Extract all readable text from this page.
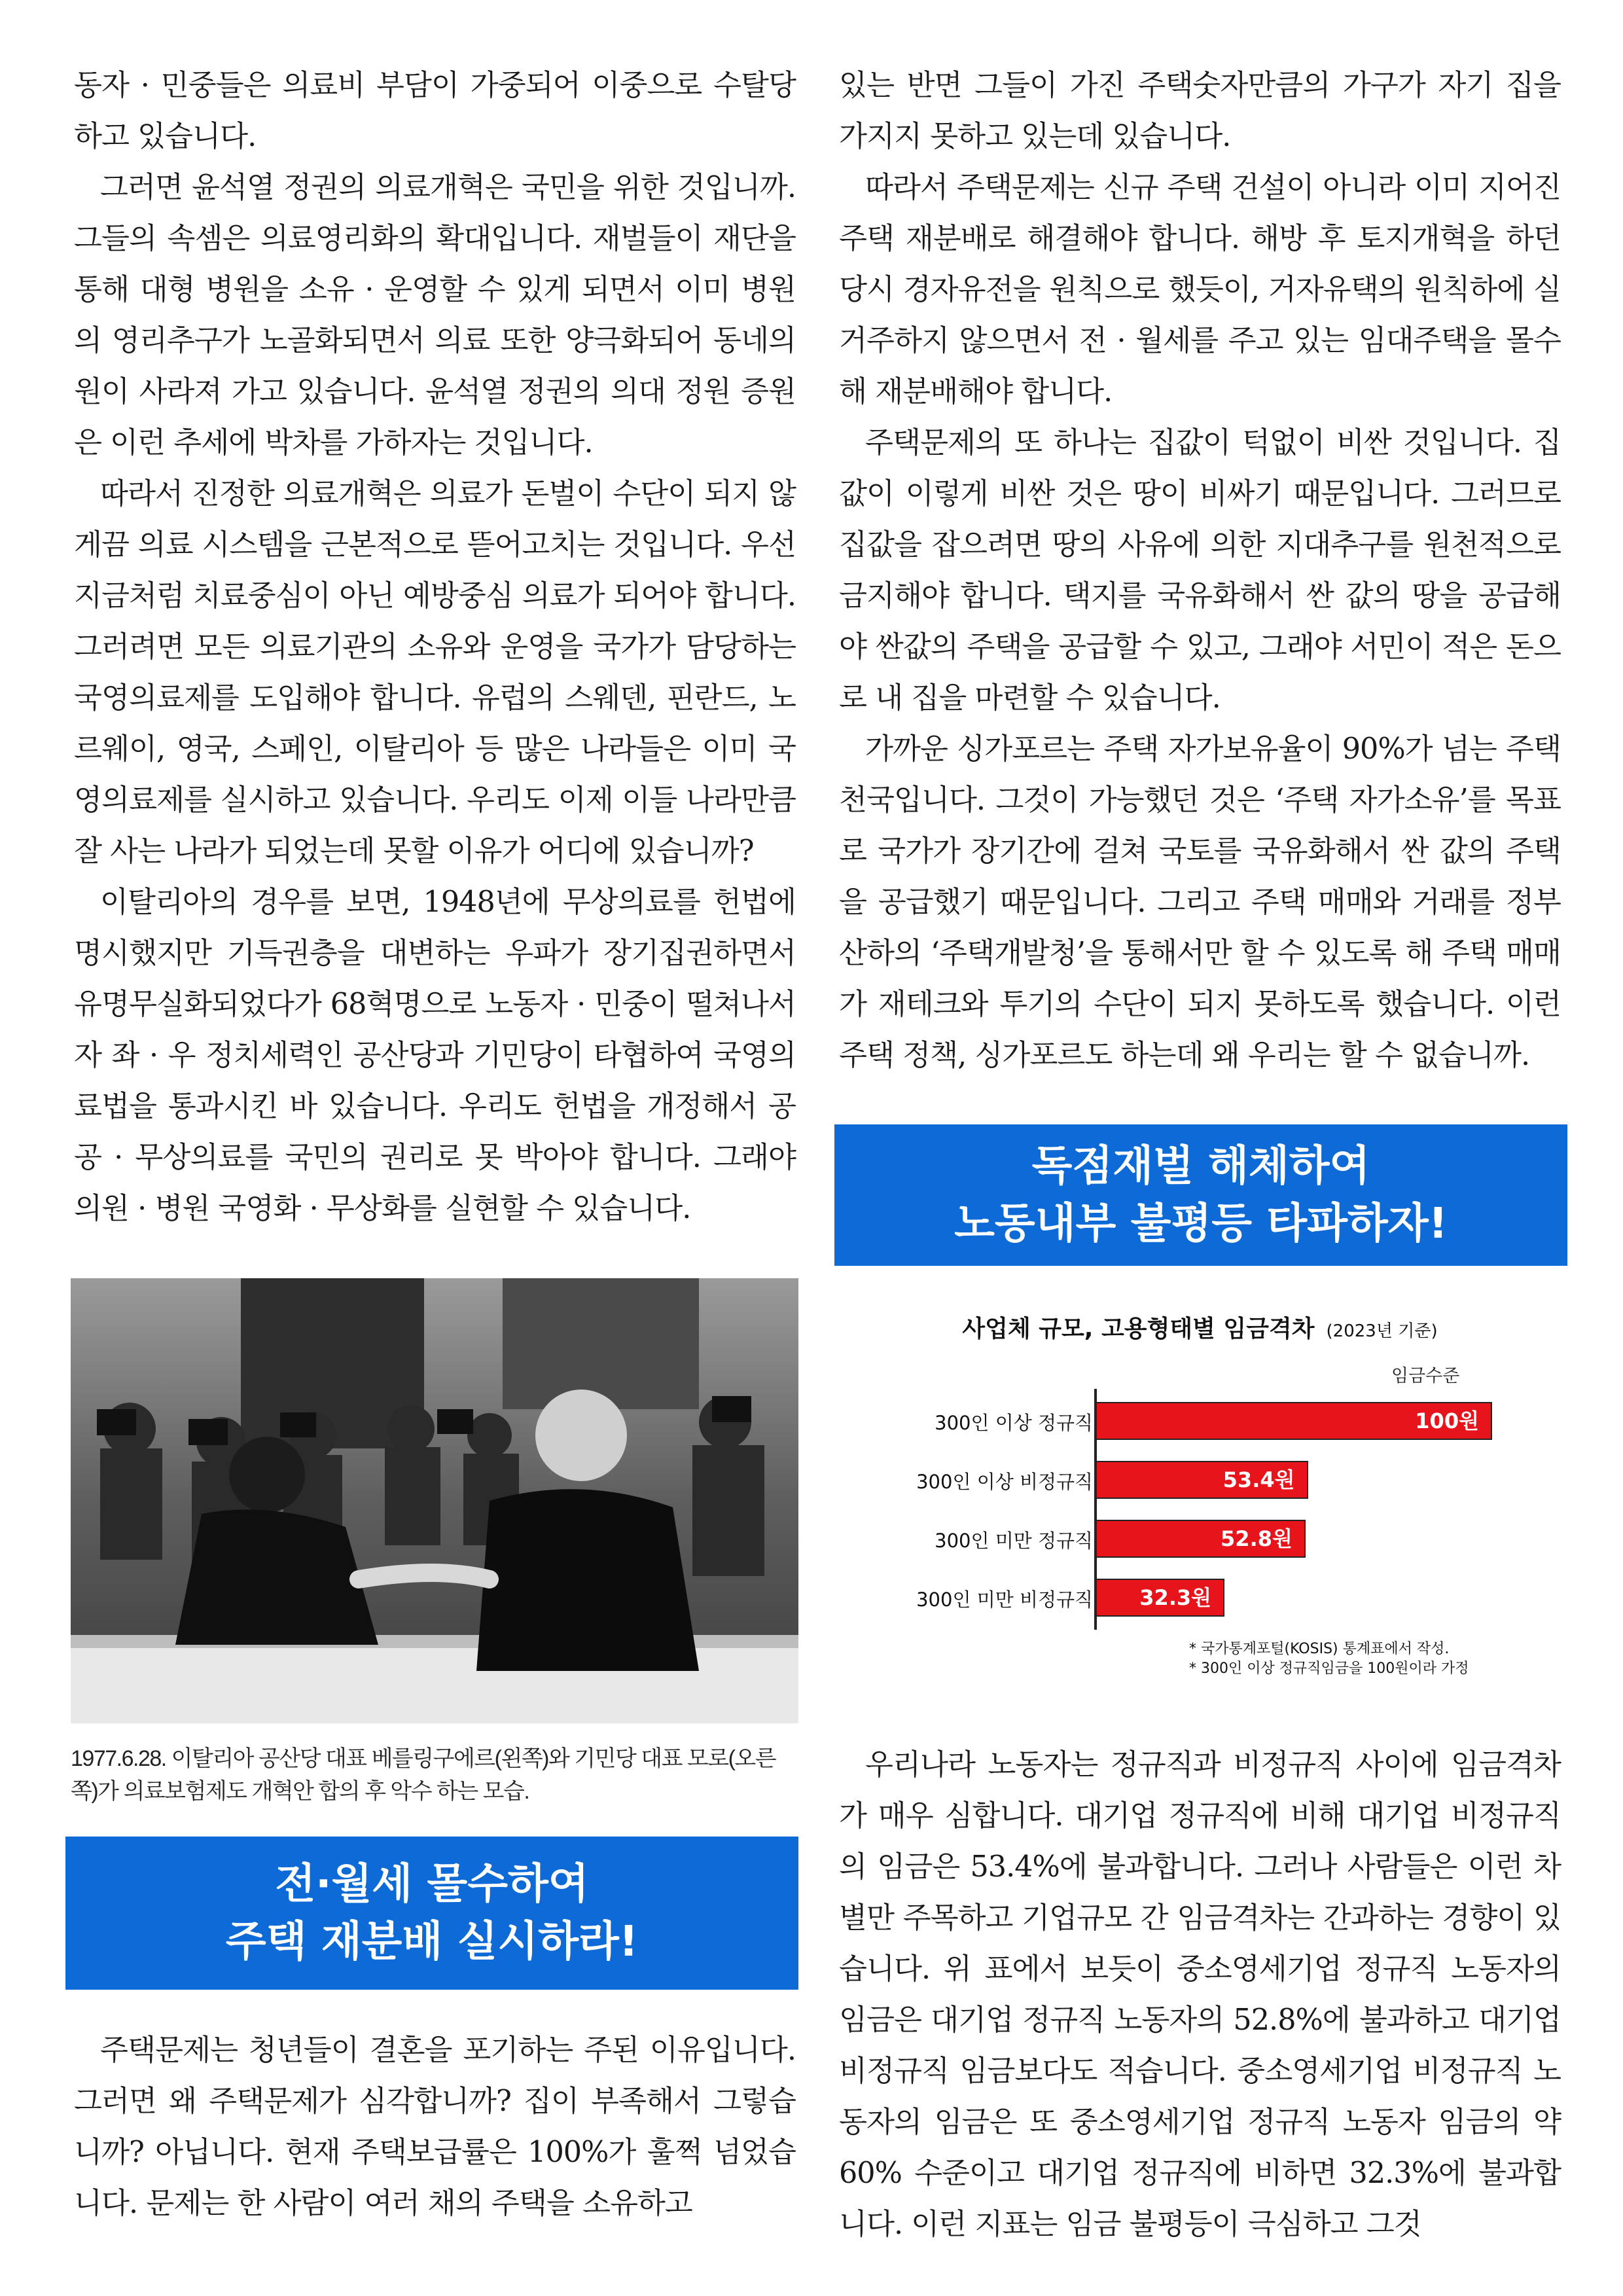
동자 · 민중들은 의료비 부담이 가중되어 이중으로 수탈당하고 있습니다.

그러면 윤석열 정권의 의료개혁은 국민을 위한 것입니까. 그들의 속셈은 의료영리화의 확대입니다. 재벌들이 재단을 통해 대형 병원을 소유 · 운영할 수 있게 되면서 이미 병원의 영리추구가 노골화되면서 의료 또한 양극화되어 동네의원이 사라져 가고 있습니다. 윤석열 정권의 의대 정원 증원은 이런 추세에 박차를 가하자는 것입니다.

따라서 진정한 의료개혁은 의료가 돈벌이 수단이 되지 않게끔 의료 시스템을 근본적으로 뜯어고치는 것입니다. 우선 지금처럼 치료중심이 아닌 예방중심 의료가 되어야 합니다. 그러려면 모든 의료기관의 소유와 운영을 국가가 담당하는 국영의료제를 도입해야 합니다. 유럽의 스웨덴, 핀란드, 노르웨이, 영국, 스페인, 이탈리아 등 많은 나라들은 이미 국영의료제를 실시하고 있습니다. 우리도 이제 이들 나라만큼 잘 사는 나라가 되었는데 못할 이유가 어디에 있습니까?

이탈리아의 경우를 보면, 1948년에 무상의료를 헌법에 명시했지만 기득권층을 대변하는 우파가 장기집권하면서 유명무실화되었다가 68혁명으로 노동자 · 민중이 떨쳐나서자 좌 · 우 정치세력인 공산당과 기민당이 타협하여 국영의료법을 통과시킨 바 있습니다. 우리도 헌법을 개정해서 공공 · 무상의료를 국민의 권리로 못 박아야 합니다. 그래야 의원 · 병원 국영화 · 무상화를 실현할 수 있습니다.

1977.6.28. 이탈리아 공산당 대표 베를링구에르(왼쪽)와 기민당 대표 모로(오른쪽)가 의료보험제도 개혁안 합의 후 악수 하는 모습.
전·월세 몰수하여
주택 재분배 실시하라!

주택문제는 청년들이 결혼을 포기하는 주된 이유입니다. 그러면 왜 주택문제가 심각합니까? 집이 부족해서 그렇습니까? 아닙니다. 현재 주택보급률은 100%가 훌쩍 넘었습니다. 문제는 한 사람이 여러 채의 주택을 소유하고

있는 반면 그들이 가진 주택숫자만큼의 가구가 자기 집을 가지지 못하고 있는데 있습니다.

따라서 주택문제는 신규 주택 건설이 아니라 이미 지어진 주택 재분배로 해결해야 합니다. 해방 후 토지개혁을 하던 당시 경자유전을 원칙으로 했듯이, 거자유택의 원칙하에 실거주하지 않으면서 전 · 월세를 주고 있는 임대주택을 몰수해 재분배해야 합니다.

주택문제의 또 하나는 집값이 턱없이 비싼 것입니다. 집값이 이렇게 비싼 것은 땅이 비싸기 때문입니다. 그러므로 집값을 잡으려면 땅의 사유에 의한 지대추구를 원천적으로 금지해야 합니다. 택지를 국유화해서 싼 값의 땅을 공급해야 싼값의 주택을 공급할 수 있고, 그래야 서민이 적은 돈으로 내 집을 마련할 수 있습니다.

가까운 싱가포르는 주택 자가보유율이 90%가 넘는 주택 천국입니다. 그것이 가능했던 것은 ‘주택 자가소유’를 목표로 국가가 장기간에 걸쳐 국토를 국유화해서 싼 값의 주택을 공급했기 때문입니다. 그리고 주택 매매와 거래를 정부산하의 ‘주택개발청’을 통해서만 할 수 있도록 해 주택 매매가 재테크와 투기의 수단이 되지 못하도록 했습니다. 이런 주택 정책, 싱가포르도 하는데 왜 우리는 할 수 없습니까.

독점재벌 해체하여
노동내부 불평등 타파하자!
사업체 규모, 고용형태별 임금격차 (2023년 기준)
임금수준
300인 이상 정규직	100원
300인 이상 비정규직	53.4원
300인 미만 정규직	52.8원
300인 미만 비정규직 32.3원
* 국가통계포털(KOSIS) 통계표에서 작성.
* 300인 이상 정규직임금을 100원이라 가정

우리나라 노동자는 정규직과 비정규직 사이에 임금격차가 매우 심합니다. 대기업 정규직에 비해 대기업 비정규직의 임금은 53.4%에 불과합니다. 그러나 사람들은 이런 차별만 주목하고 기업규모 간 임금격차는 간과하는 경향이 있습니다. 위 표에서 보듯이 중소영세기업 정규직 노동자의 임금은 대기업 정규직 노동자의 52.8%에 불과하고 대기업 비정규직 임금보다도 적습니다. 중소영세기업 비정규직 노동자의 임금은 또 중소영세기업 정규직 노동자 임금의 약 60% 수준이고 대기업 정규직에 비하면 32.3%에 불과합니다. 이런 지표는 임금 불평등이 극심하고 그것
